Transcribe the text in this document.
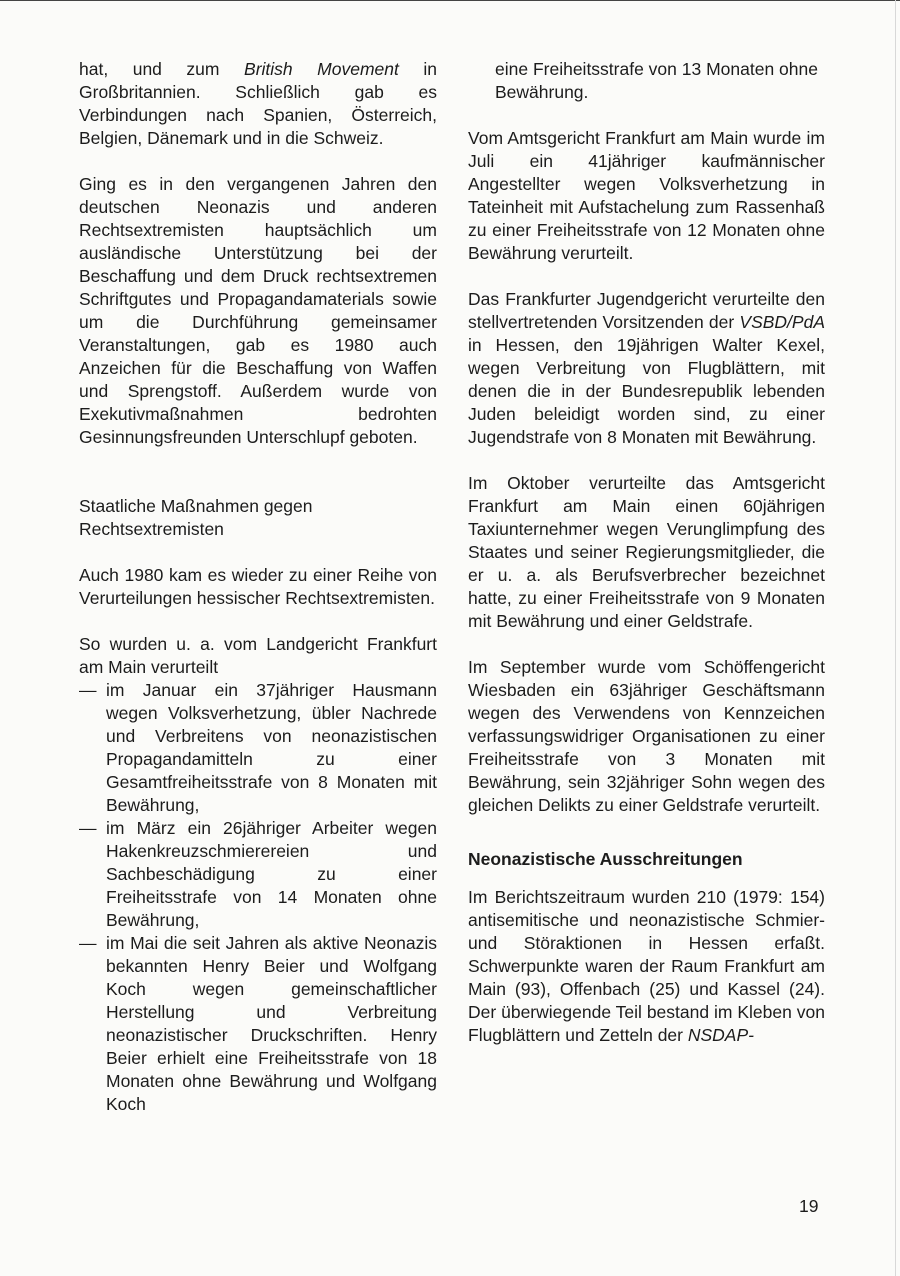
hat, und zum British Movement in Großbritannien. Schließlich gab es Verbindungen nach Spanien, Österreich, Belgien, Dänemark und in die Schweiz.

Ging es in den vergangenen Jahren den deutschen Neonazis und anderen Rechtsextremisten hauptsächlich um ausländische Unterstützung bei der Beschaffung und dem Druck rechtsextremen Schriftgutes und Propagandamaterials sowie um die Durchführung gemeinsamer Veranstaltungen, gab es 1980 auch Anzeichen für die Beschaffung von Waffen und Sprengstoff. Außerdem wurde von Exekutivmaßnahmen bedrohten Gesinnungsfreunden Unterschlupf geboten.

Staatliche Maßnahmen gegen Rechtsextremisten

Auch 1980 kam es wieder zu einer Reihe von Verurteilungen hessischer Rechtsextremisten.

So wurden u. a. vom Landgericht Frankfurt am Main verurteilt

— im Januar ein 37jähriger Hausmann wegen Volksverhetzung, übler Nachrede und Verbreitens von neonazistischen Propagandamitteln zu einer Gesamtfreiheitsstrafe von 8 Monaten mit Bewährung,
— im März ein 26jähriger Arbeiter wegen Hakenkreuzschmierereien und Sachbeschädigung zu einer Freiheitsstrafe von 14 Monaten ohne Bewährung,
— im Mai die seit Jahren als aktive Neonazis bekannten Henry Beier und Wolfgang Koch wegen gemeinschaftlicher Herstellung und Verbreitung neonazistischer Druckschriften. Henry Beier erhielt eine Freiheitsstrafe von 18 Monaten ohne Bewährung und Wolfgang Koch

eine Freiheitsstrafe von 13 Monaten ohne Bewährung.

Vom Amtsgericht Frankfurt am Main wurde im Juli ein 41jähriger kaufmännischer Angestellter wegen Volksverhetzung in Tateinheit mit Aufstachelung zum Rassenhaß zu einer Freiheitsstrafe von 12 Monaten ohne Bewährung verurteilt.

Das Frankfurter Jugendgericht verurteilte den stellvertretenden Vorsitzenden der VSBD/PdA in Hessen, den 19jährigen Walter Kexel, wegen Verbreitung von Flugblättern, mit denen die in der Bundesrepublik lebenden Juden beleidigt worden sind, zu einer Jugendstrafe von 8 Monaten mit Bewährung.

Im Oktober verurteilte das Amtsgericht Frankfurt am Main einen 60jährigen Taxiunternehmer wegen Verunglimpfung des Staates und seiner Regierungsmitglieder, die er u. a. als Berufsverbrecher bezeichnet hatte, zu einer Freiheitsstrafe von 9 Monaten mit Bewährung und einer Geldstrafe.

Im September wurde vom Schöffengericht Wiesbaden ein 63jähriger Geschäftsmann wegen des Verwendens von Kennzeichen verfassungswidriger Organisationen zu einer Freiheitsstrafe von 3 Monaten mit Bewährung, sein 32jähriger Sohn wegen des gleichen Delikts zu einer Geldstrafe verurteilt.

Neonazistische Ausschreitungen

Im Berichtszeitraum wurden 210 (1979: 154) antisemitische und neonazistische Schmier- und Störaktionen in Hessen erfaßt. Schwerpunkte waren der Raum Frankfurt am Main (93), Offenbach (25) und Kassel (24). Der überwiegende Teil bestand im Kleben von Flugblättern und Zetteln der NSDAP-

19
